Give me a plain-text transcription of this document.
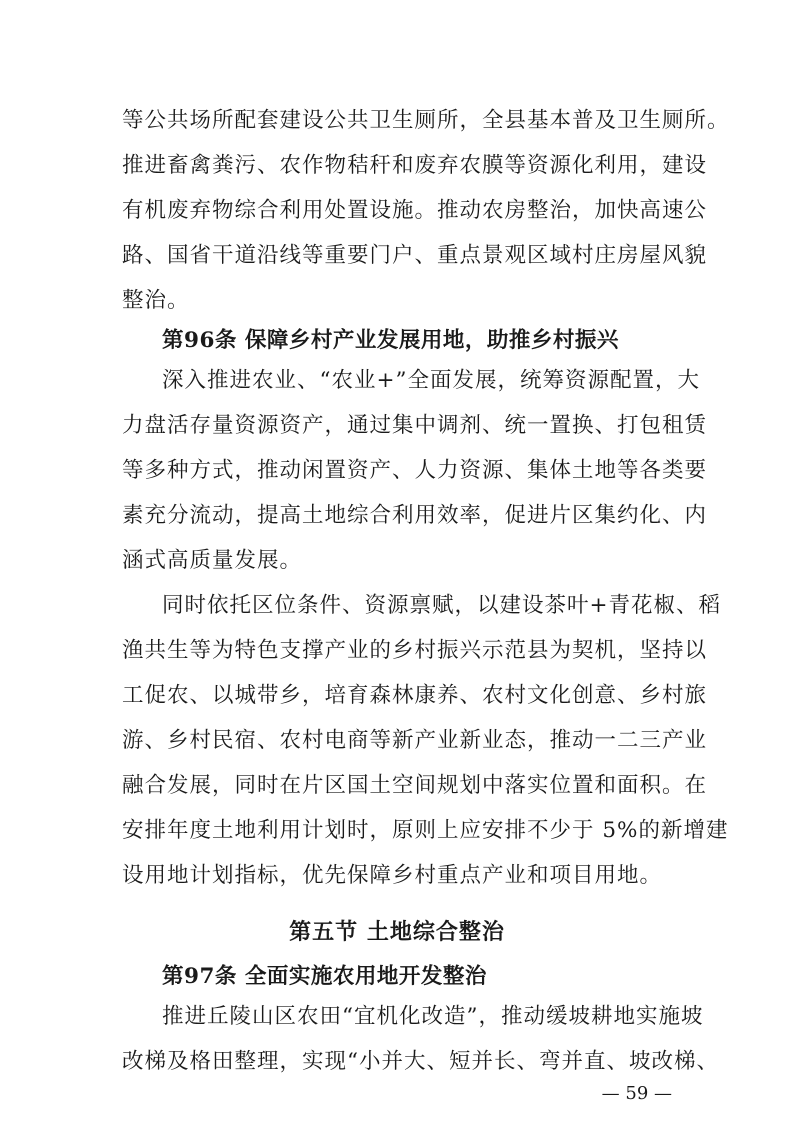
等公共场所配套建设公共卫生厕所，全县基本普及卫生厕所。
推进畜禽粪污、农作物秸秆和废弃农膜等资源化利用，建设
有机废弃物综合利用处置设施。推动农房整治，加快高速公
路、国省干道沿线等重要门户、重点景观区域村庄房屋风貌
整治。
第96条 保障乡村产业发展用地，助推乡村振兴
深入推进农业、“农业+”全面发展，统筹资源配置，大
力盘活存量资源资产，通过集中调剂、统一置换、打包租赁
等多种方式，推动闲置资产、人力资源、集体土地等各类要
素充分流动，提高土地综合利用效率，促进片区集约化、内
涵式高质量发展。
同时依托区位条件、资源禀赋，以建设茶叶+青花椒、稻
渔共生等为特色支撑产业的乡村振兴示范县为契机，坚持以
工促农、以城带乡，培育森林康养、农村文化创意、乡村旅
游、乡村民宿、农村电商等新产业新业态，推动一二三产业
融合发展，同时在片区国土空间规划中落实位置和面积。在
安排年度土地利用计划时，原则上应安排不少于 5%的新增建
设用地计划指标，优先保障乡村重点产业和项目用地。
第五节 土地综合整治
第97条 全面实施农用地开发整治
推进丘陵山区农田“宜机化改造”，推动缓坡耕地实施坡
改梯及格田整理，实现“小并大、短并长、弯并直、坡改梯、
— 59 —
